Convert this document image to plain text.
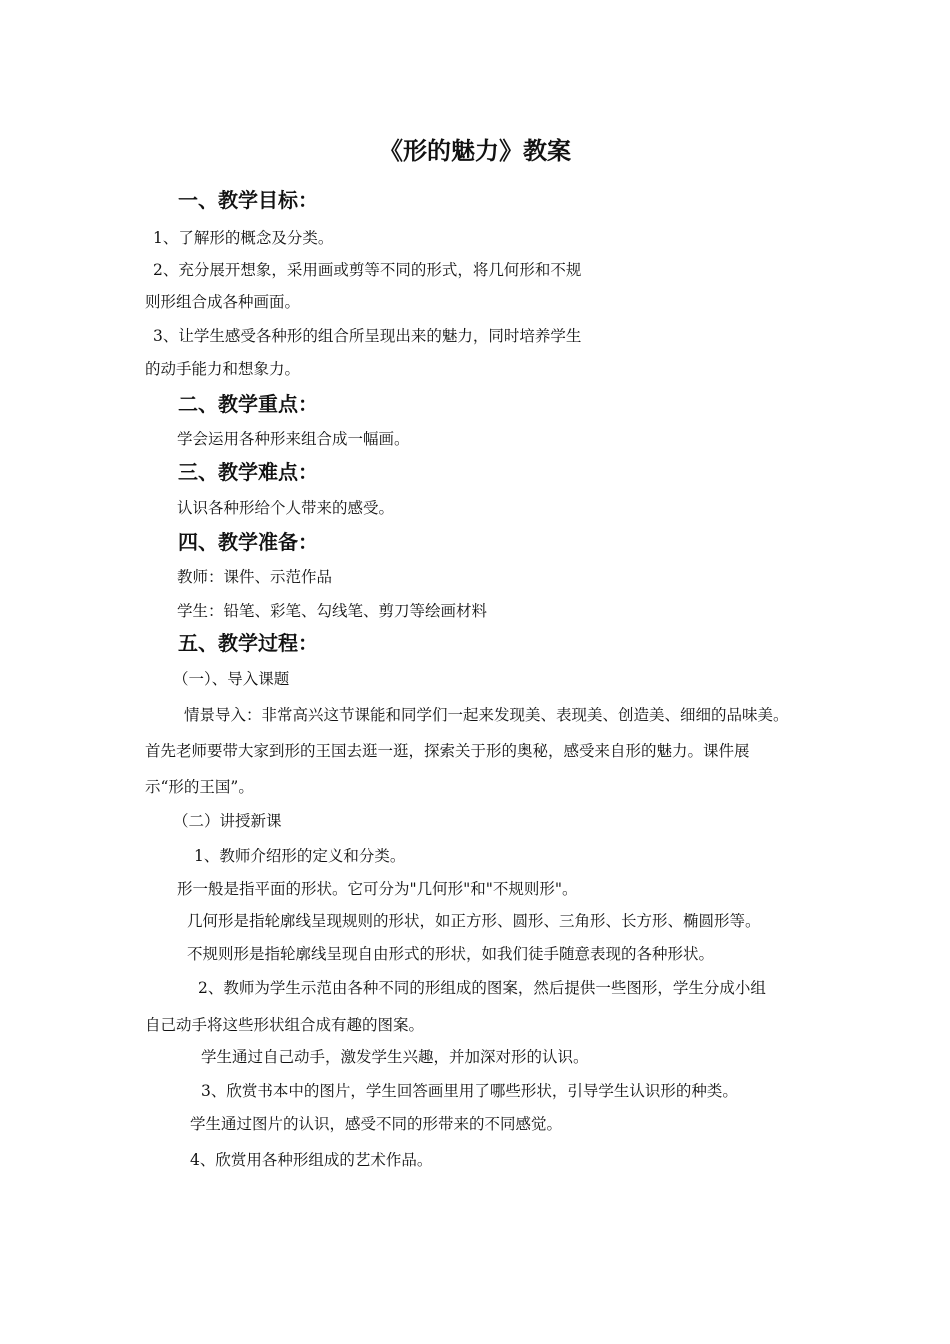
《形的魅力》教案
一、教学目标：
1、了解形的概念及分类。
2、充分展开想象，采用画或剪等不同的形式，将几何形和不规
则形组合成各种画面。
3、让学生感受各种形的组合所呈现出来的魅力，同时培养学生
的动手能力和想象力。
二、教学重点：
学会运用各种形来组合成一幅画。
三、教学难点：
认识各种形给个人带来的感受。
四、教学准备：
教师：课件、示范作品
学生：铅笔、彩笔、勾线笔、剪刀等绘画材料
五、教学过程：
（一）、导入课题
情景导入：非常高兴这节课能和同学们一起来发现美、表现美、创造美、细细的品味美。
首先老师要带大家到形的王国去逛一逛，探索关于形的奥秘，感受来自形的魅力。课件展
示“形的王国”。
（二）讲授新课
1、教师介绍形的定义和分类。
形一般是指平面的形状。它可分为"几何形"和"不规则形"。
几何形是指轮廓线呈现规则的形状，如正方形、圆形、三角形、长方形、椭圆形等。
不规则形是指轮廓线呈现自由形式的形状，如我们徒手随意表现的各种形状。
2、教师为学生示范由各种不同的形组成的图案，然后提供一些图形，学生分成小组
自己动手将这些形状组合成有趣的图案。
学生通过自己动手，激发学生兴趣，并加深对形的认识。
3、欣赏书本中的图片，学生回答画里用了哪些形状，引导学生认识形的种类。
学生通过图片的认识，感受不同的形带来的不同感觉。
4、欣赏用各种形组成的艺术作品。
